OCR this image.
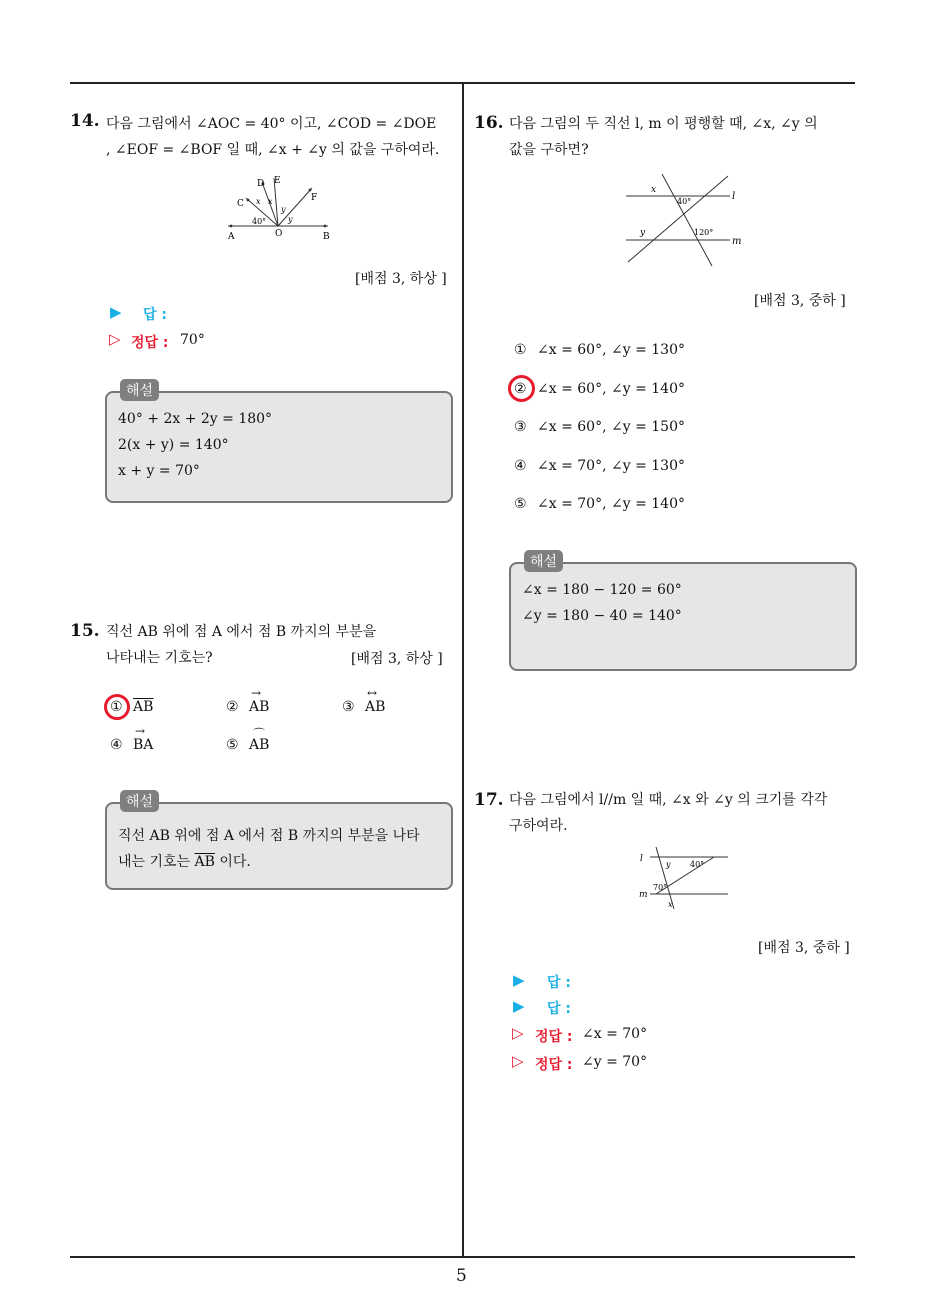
5
14. 다음 그림에서 ∠AOC = 40° 이고, ∠COD = ∠DOE
, ∠EOF = ∠BOF 일 때, ∠x + ∠y 의 값을 구하여라.
A	B
O
C
D E
F
x x
y
y
40°
[배점 3, 하상 ]
▶ 답 :
▷ 정답 : 70°
해설
40° + 2x + 2y = 180°
2(x + y) = 140°
x + y = 70°
15. 직선 AB 위에 점 A 에서 점 B 까지의 부분을
나타내는 기호는?	[배점 3, 하상 ]
① $\overline{AB}$	②
→
AB	③
↔
AB
④
→
BA	⑤
⌒
AB
해설
직선 AB 위에 점 A 에서 점 B 까지의 부분을 나타
내는 기호는 $\overline{AB}$ 이다.
16. 다음 그림의 두 직선 l, m 이 평행할 때, ∠x, ∠y 의
값을 구하면?
x
40°	l
y	120°
m
[배점 3, 중하 ]
① ∠x = 60°, ∠y = 130°
② ∠x = 60°, ∠y = 140°
③ ∠x = 60°, ∠y = 150°
④ ∠x = 70°, ∠y = 130°
⑤ ∠x = 70°, ∠y = 140°
해설
∠x = 180 − 120 = 60°
∠y = 180 − 40 = 140°
17. 다음 그림에서 l//m 일 때, ∠x 와 ∠y 의 크기를 각각
구하여라.
l
y 40°
70°
m
x
[배점 3, 중하 ]
▶ 답 :
▶ 답 :
▷ 정답 : ∠x = 70°
▷ 정답 : ∠y = 70°
